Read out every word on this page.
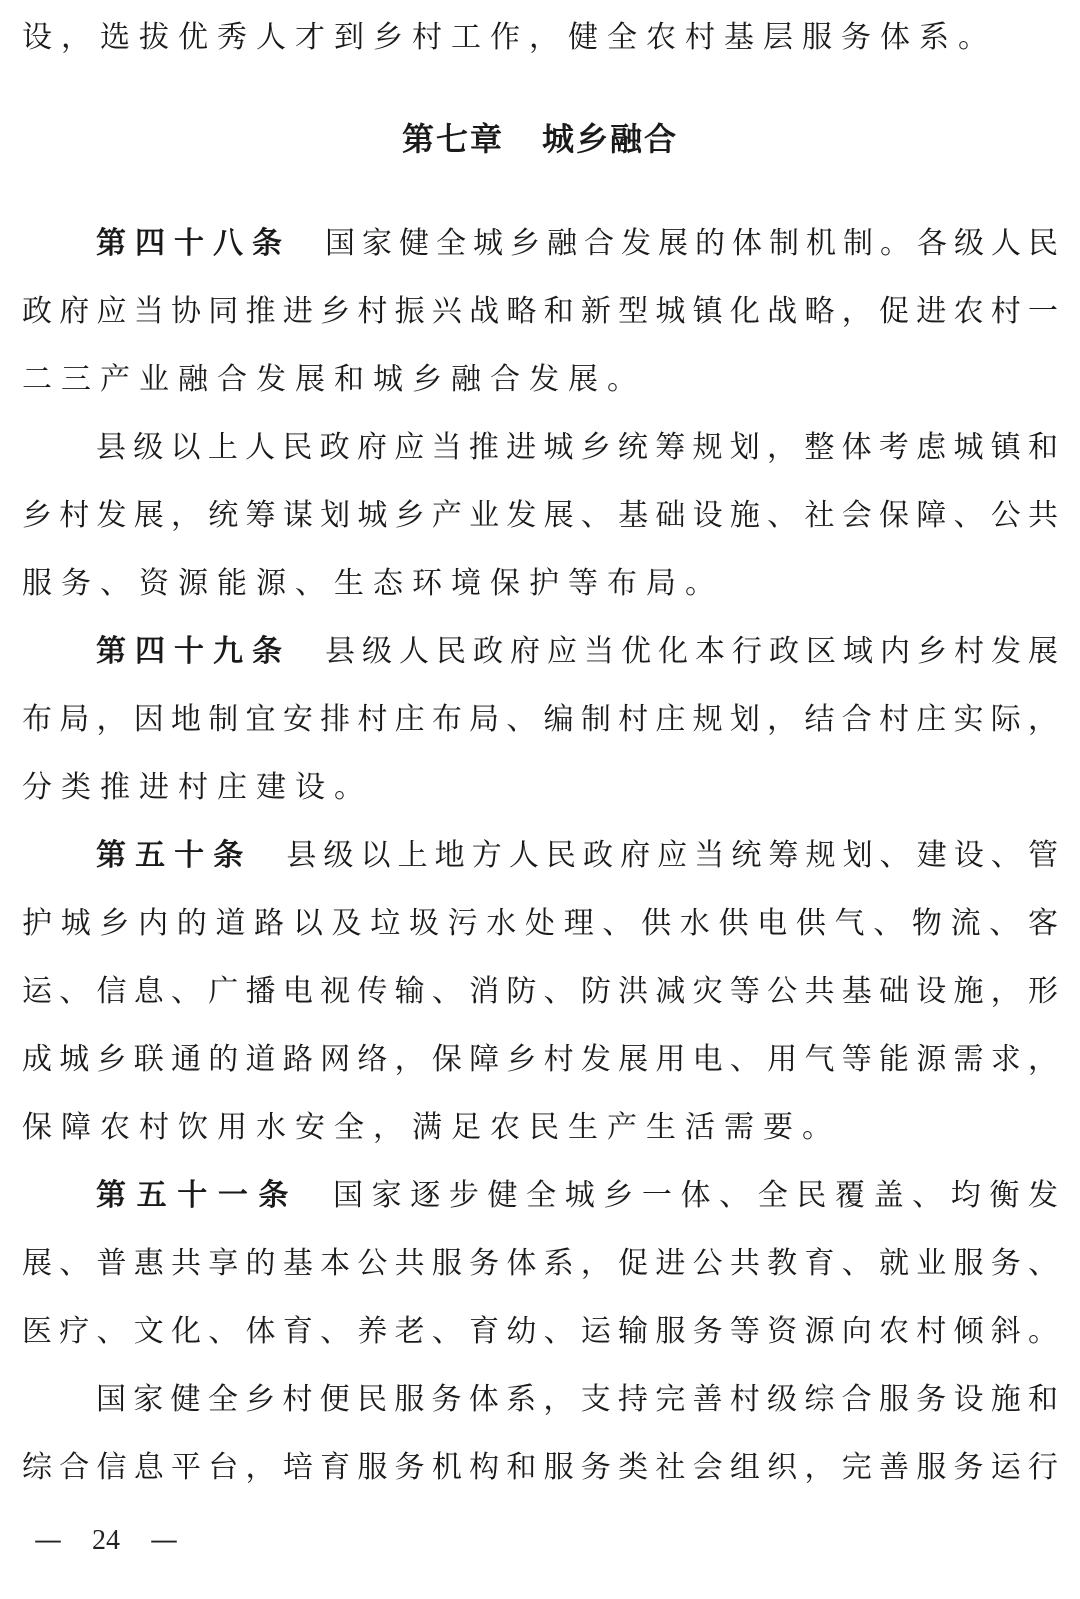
设，选拔优秀人才到乡村工作，健全农村基层服务体系。
第七章 城乡融合
第四十八条 国家健全城乡融合发展的体制机制。各级人民
政府应当协同推进乡村振兴战略和新型城镇化战略，促进农村一
二三产业融合发展和城乡融合发展。
县级以上人民政府应当推进城乡统筹规划，整体考虑城镇和
乡村发展，统筹谋划城乡产业发展、基础设施、社会保障、公共
服务、资源能源、生态环境保护等布局。
第四十九条 县级人民政府应当优化本行政区域内乡村发展
布局，因地制宜安排村庄布局、编制村庄规划，结合村庄实际，
分类推进村庄建设。
第五十条 县级以上地方人民政府应当统筹规划、建设、管
护城乡内的道路以及垃圾污水处理、供水供电供气、物流、客
运、信息、广播电视传输、消防、防洪减灾等公共基础设施，形
成城乡联通的道路网络，保障乡村发展用电、用气等能源需求，
保障农村饮用水安全，满足农民生产生活需要。
第五十一条 国家逐步健全城乡一体、全民覆盖、均衡发
展、普惠共享的基本公共服务体系，促进公共教育、就业服务、
医疗、文化、体育、养老、育幼、运输服务等资源向农村倾斜。
国家健全乡村便民服务体系，支持完善村级综合服务设施和
综合信息平台，培育服务机构和服务类社会组织，完善服务运行
— 24 —
